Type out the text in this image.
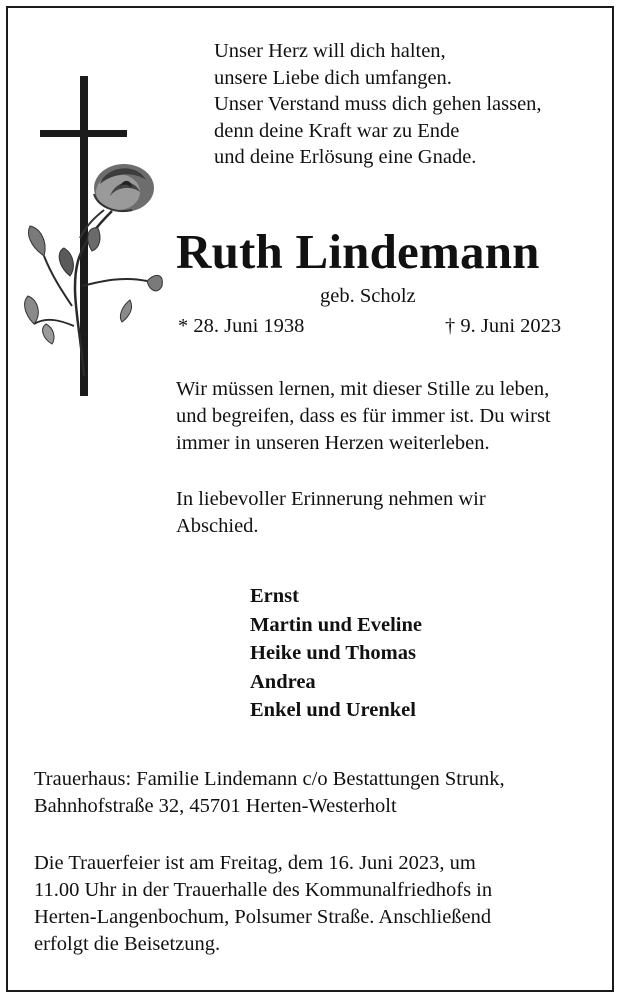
Unser Herz will dich halten,
unsere Liebe dich umfangen.
Unser Verstand muss dich gehen lassen,
denn deine Kraft war zu Ende
und deine Erlösung eine Gnade.
Ruth Lindemann
geb. Scholz
* 28. Juni 1938	† 9. Juni 2023
Wir müssen lernen, mit dieser Stille zu leben,
und begreifen, dass es für immer ist. Du wirst
immer in unseren Herzen weiterleben.
In liebevoller Erinnerung nehmen wir
Abschied.
Ernst
Martin und Eveline
Heike und Thomas
Andrea
Enkel und Urenkel
Trauerhaus: Familie Lindemann c/o Bestattungen Strunk,
Bahnhofstraße 32, 45701 Herten-Westerholt
Die Trauerfeier ist am Freitag, dem 16. Juni 2023, um
11.00 Uhr in der Trauerhalle des Kommunalfriedhofs in
Herten-Langenbochum, Polsumer Straße. Anschließend
erfolgt die Beisetzung.
